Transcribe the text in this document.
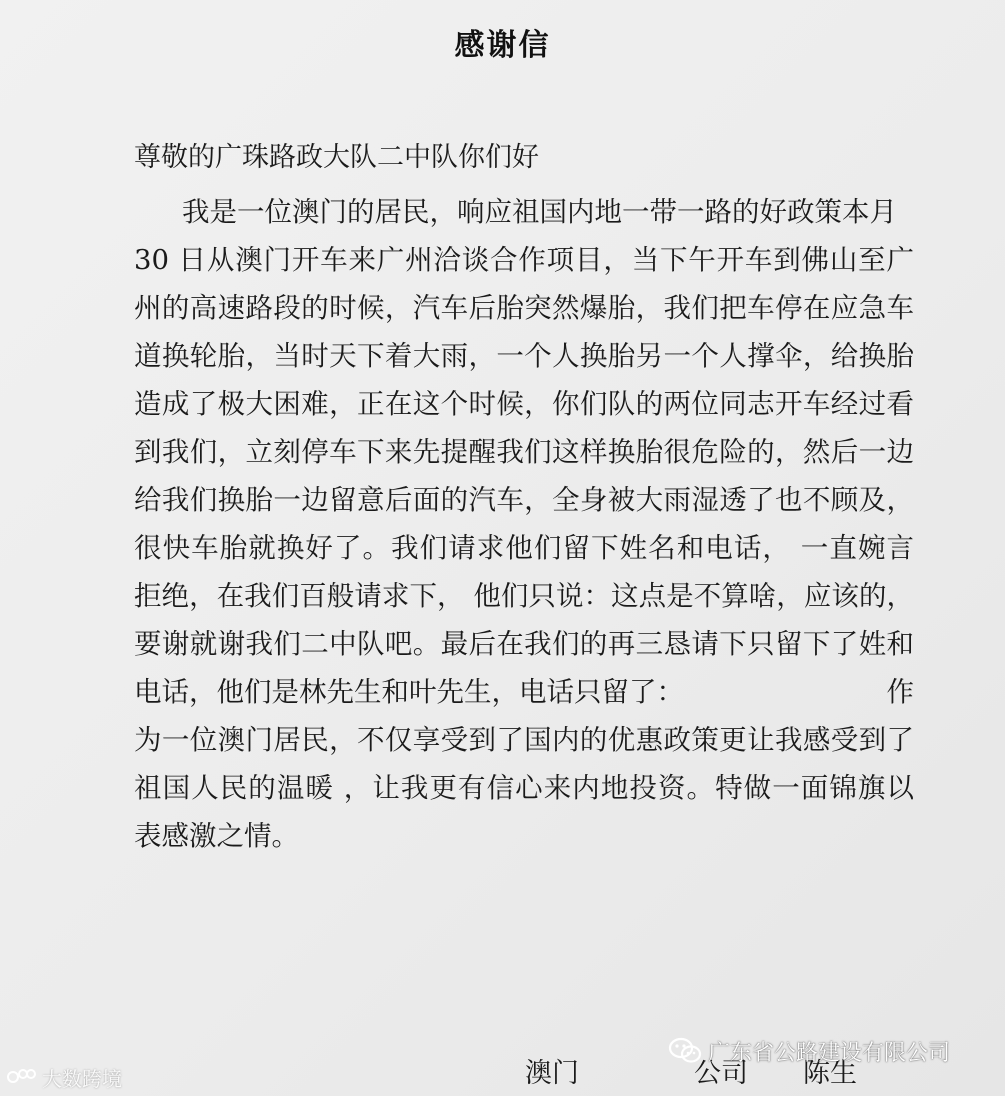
感谢信
尊敬的广珠路政大队二中队你们好
我是一位澳门的居民，响应祖国内地一带一路的好政策本月
30 日从澳门开车来广州洽谈合作项目，当下午开车到佛山至广
州的高速路段的时候，汽车后胎突然爆胎，我们把车停在应急车
道换轮胎，当时天下着大雨，一个人换胎另一个人撑伞，给换胎
造成了极大困难，正在这个时候，你们队的两位同志开车经过看
到我们，立刻停车下来先提醒我们这样换胎很危险的，然后一边
给我们换胎一边留意后面的汽车，全身被大雨湿透了也不顾及，
很快车胎就换好了。我们请求他们留下姓名和电话， 一直婉言
拒绝，在我们百般请求下， 他们只说：这点是不算啥，应该的，
要谢就谢我们二中队吧。最后在我们的再三恳请下只留下了姓和
电话，他们是林先生和叶先生，电话只留了：	作
为一位澳门居民，不仅享受到了国内的优惠政策更让我感受到了
祖国人民的温暖 ，让我更有信心来内地投资。特做一面锦旗以
表感激之情。
澳门	公司 陈生
大数跨境
广东省公路建设有限公司
